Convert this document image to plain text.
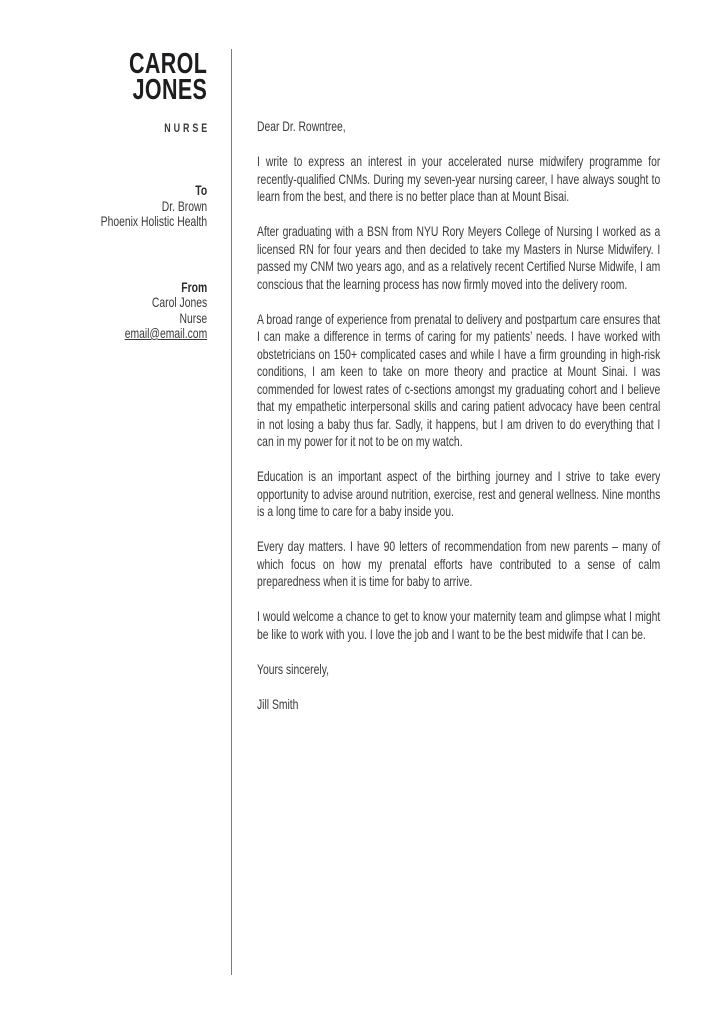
CAROL
JONES
NURSE
To
Dr. Brown
Phoenix Holistic Health
From
Carol Jones
Nurse
email@email.com

Dear Dr. Rowntree,

I write to express an interest in your accelerated nurse midwifery programme for recently-qualified CNMs. During my seven-year nursing career, I have always sought to learn from the best, and there is no better place than at Mount Bisai.

After graduating with a BSN from NYU Rory Meyers College of Nursing I worked as a licensed RN for four years and then decided to take my Masters in Nurse Midwifery. I passed my CNM two years ago, and as a relatively recent Certified Nurse Midwife, I am conscious that the learning process has now firmly moved into the delivery room.

A broad range of experience from prenatal to delivery and postpartum care ensures that I can make a difference in terms of caring for my patients’ needs. I have worked with obstetricians on 150+ complicated cases and while I have a firm grounding in high-risk conditions, I am keen to take on more theory and practice at Mount Sinai. I was commended for lowest rates of c-sections amongst my graduating cohort and I believe that my empathetic interpersonal skills and caring patient advocacy have been central in not losing a baby thus far. Sadly, it happens, but I am driven to do everything that I can in my power for it not to be on my watch.

Education is an important aspect of the birthing journey and I strive to take every opportunity to advise around nutrition, exercise, rest and general wellness. Nine months is a long time to care for a baby inside you.

Every day matters. I have 90 letters of recommendation from new parents – many of which focus on how my prenatal efforts have contributed to a sense of calm preparedness when it is time for baby to arrive.

I would welcome a chance to get to know your maternity team and glimpse what I might be like to work with you. I love the job and I want to be the best midwife that I can be.

Yours sincerely,

Jill Smith
